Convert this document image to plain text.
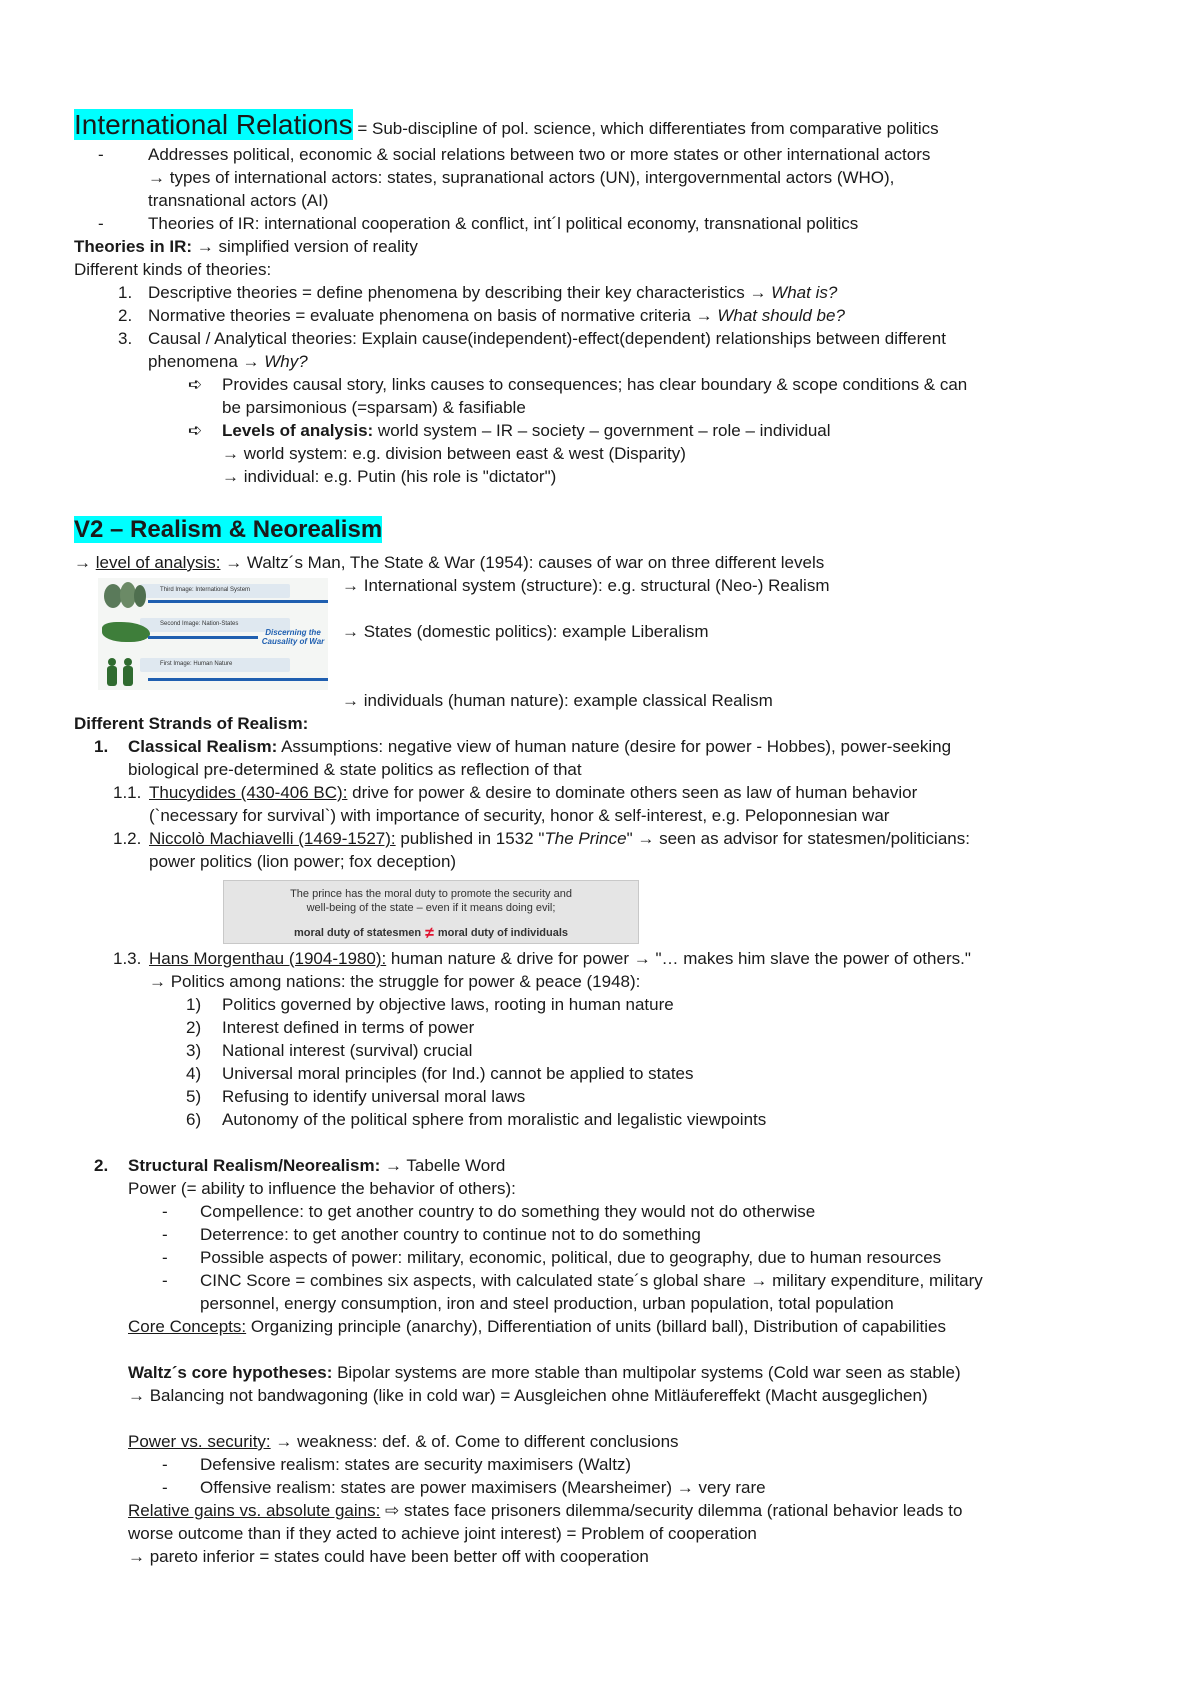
International Relations = Sub-discipline of pol. science, which differentiates from comparative politics
-	Addresses political, economic & social relations between two or more states or other international actors
→ types of international actors: states, supranational actors (UN), intergovernmental actors (WHO),
transnational actors (AI)
-	Theories of IR: international cooperation & conflict, int´l political economy, transnational politics
Theories in IR: → simplified version of reality
Different kinds of theories:
1. Descriptive theories = define phenomena by describing their key characteristics → What is?
2. Normative theories = evaluate phenomena on basis of normative criteria → What should be?
3. Causal / Analytical theories: Explain cause(independent)-effect(dependent) relationships between different
phenomena → Why?
➪ Provides causal story, links causes to consequences; has clear boundary & scope conditions & can
be parsimonious (=sparsam) & fasifiable
➪ Levels of analysis: world system – IR – society – government – role – individual
→ world system: e.g. division between east & west (Disparity)
→ individual: e.g. Putin (his role is "dictator")
V2 – Realism & Neorealism
→ level of analysis: → Waltz´s Man, The State & War (1954): causes of war on three different levels
Third Image: International System
Second Image: Nation-States
Discerning the Causality of War
First Image: Human Nature
→ International system (structure): e.g. structural (Neo-) Realism
→ States (domestic politics): example Liberalism
→ individuals (human nature): example classical Realism
Different Strands of Realism:
1. Classical Realism: Assumptions: negative view of human nature (desire for power - Hobbes), power-seeking
biological pre-determined & state politics as reflection of that
1.1. Thucydides (430-406 BC): drive for power & desire to dominate others seen as law of human behavior
(`necessary for survival`) with importance of security, honor & self-interest, e.g. Peloponnesian war
1.2. Niccolò Machiavelli (1469-1527): published in 1532 "The Prince" → seen as advisor for statesmen/politicians:
power politics (lion power; fox deception)
The prince has the moral duty to promote the security and
well-being of the state – even if it means doing evil;
moral duty of statesmen ≠ moral duty of individuals
1.3. Hans Morgenthau (1904-1980): human nature & drive for power → "… makes him slave the power of others."
→ Politics among nations: the struggle for power & peace (1948):
1) Politics governed by objective laws, rooting in human nature
2) Interest defined in terms of power
3) National interest (survival) crucial
4) Universal moral principles (for Ind.) cannot be applied to states
5) Refusing to identify universal moral laws
6) Autonomy of the political sphere from moralistic and legalistic viewpoints
2. Structural Realism/Neorealism: → Tabelle Word
Power (= ability to influence the behavior of others):
- Compellence: to get another country to do something they would not do otherwise
- Deterrence: to get another country to continue not to do something
- Possible aspects of power: military, economic, political, due to geography, due to human resources
- CINC Score = combines six aspects, with calculated state´s global share → military expenditure, military
personnel, energy consumption, iron and steel production, urban population, total population
Core Concepts: Organizing principle (anarchy), Differentiation of units (billard ball), Distribution of capabilities
Waltz´s core hypotheses: Bipolar systems are more stable than multipolar systems (Cold war seen as stable)
→ Balancing not bandwagoning (like in cold war) = Ausgleichen ohne Mitläufereffekt (Macht ausgeglichen)
Power vs. security: → weakness: def. & of. Come to different conclusions
- Defensive realism: states are security maximisers (Waltz)
- Offensive realism: states are power maximisers (Mearsheimer) → very rare
Relative gains vs. absolute gains: ⇨ states face prisoners dilemma/security dilemma (rational behavior leads to
worse outcome than if they acted to achieve joint interest) = Problem of cooperation
→ pareto inferior = states could have been better off with cooperation
